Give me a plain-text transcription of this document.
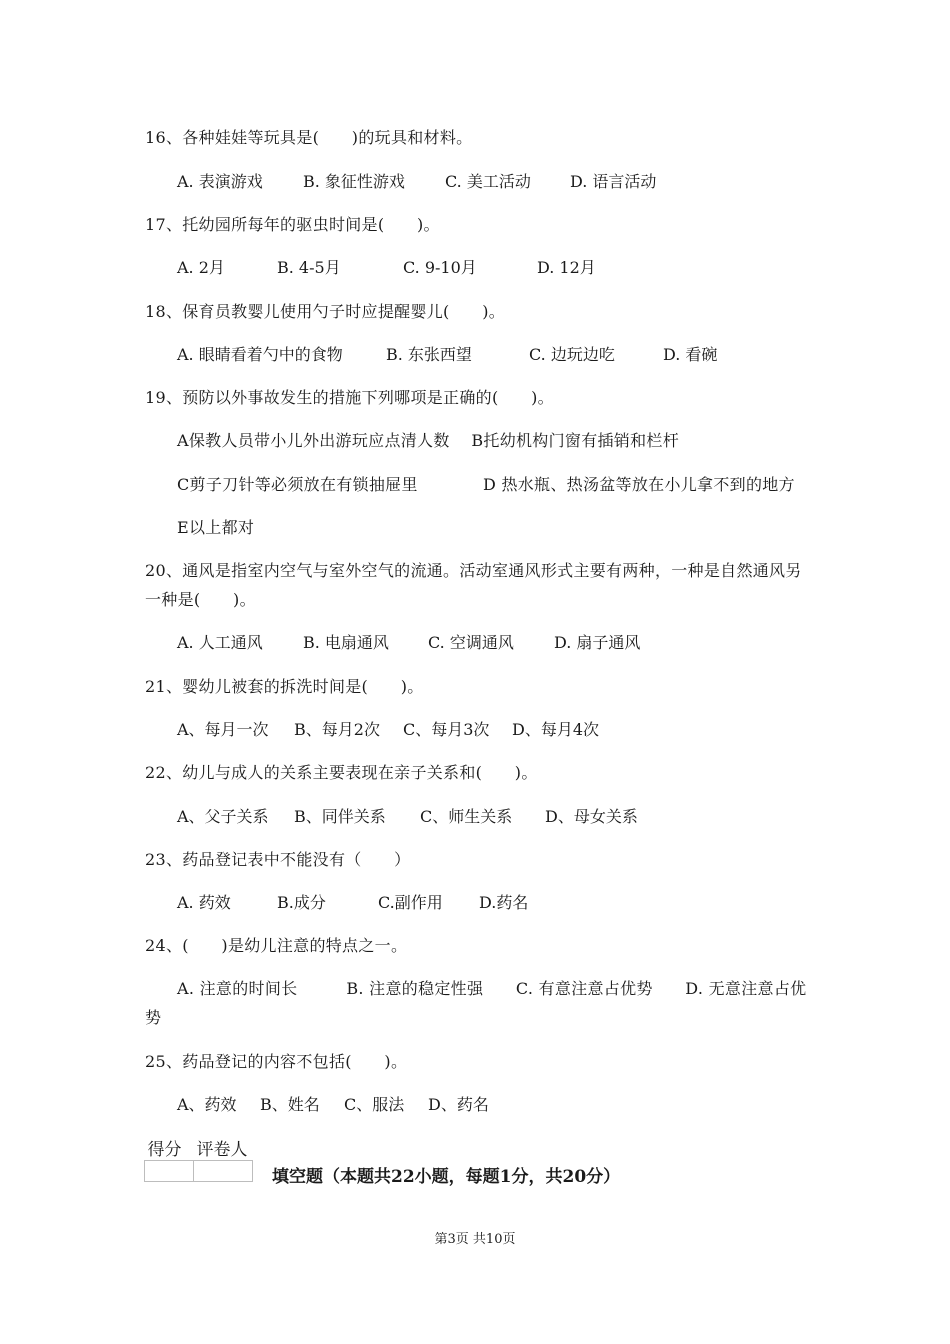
16、各种娃娃等玩具是(　　)的玩具和材料。

A. 表演游戏

	B. 象征性游戏

	C. 美工活动

D. 语言活动

17、托幼园所每年的驱虫时间是(　　)。

A. 2月

	B. 4-5月

	C. 9-10月

	D. 12月

18、保育员教婴儿使用勺子时应提醒婴儿(　　)。

A. 眼睛看着勺中的食物

	B. 东张西望

	C. 边玩边吃

	D. 看碗

19、预防以外事故发生的措施下列哪项是正确的(　　)。
A保教人员带小儿外出游玩应点清人数　 B托幼机构门窗有插销和栏杆
C剪子刀针等必须放在有锁抽屉里　　　　D 热水瓶、热汤盆等放在小儿拿不到的地方
E以上都对
20、通风是指室内空气与室外空气的流通。活动室通风形式主要有两种，一种是自然通风另一种是(　　)。

A. 人工通风

	B. 电扇通风

C. 空调通风

	D. 扇子通风

21、婴幼儿被套的拆洗时间是(　　)。

A、每月一次

B、每月2次

C、每月3次

D、每月4次

22、幼儿与成人的关系主要表现在亲子关系和(　　)。

A、父子关系

B、同伴关系

C、师生关系

D、母女关系

23、药品登记表中不能没有（　　）

A. 药效

	B.成分

	C.副作用

D.药名

24、(　　)是幼儿注意的特点之一。
A. 注意的时间长　　　B. 注意的稳定性强　　C. 有意注意占优势　　D. 无意注意占优势
25、药品登记的内容不包括(　　)。

A、药效

B、姓名

C、服法

D、药名

得分	评卷人

填空题（本题共22小题，每题1分，共20分）
第3页 共10页
